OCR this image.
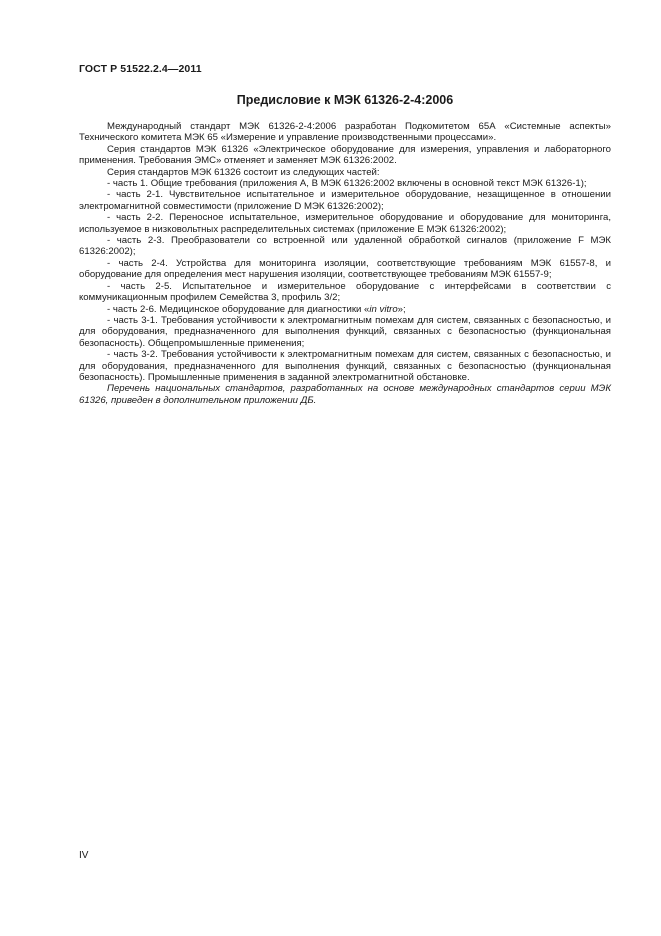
ГОСТ Р 51522.2.4—2011
Предисловие к МЭК 61326-2-4:2006

Международный стандарт МЭК 61326-2-4:2006 разработан Подкомитетом 65А «Системные аспекты» Технического комитета МЭК 65 «Измерение и управление производственными процессами».

Серия стандартов МЭК 61326 «Электрическое оборудование для измерения, управления и лабораторного применения. Требования ЭМС» отменяет и заменяет МЭК 61326:2002.

Серия стандартов МЭК 61326 состоит из следующих частей:

- часть 1. Общие требования (приложения А, В МЭК 61326:2002 включены в основной текст МЭК 61326-1);

- часть 2-1. Чувствительное испытательное и измерительное оборудование, незащищенное в отношении электромагнитной совместимости (приложение D МЭК 61326:2002);

- часть 2-2. Переносное испытательное, измерительное оборудование и оборудование для мониторинга, используемое в низковольтных распределительных системах (приложение Е МЭК 61326:2002);

- часть 2-3. Преобразователи со встроенной или удаленной обработкой сигналов (приложение F МЭК 61326:2002);

- часть 2-4. Устройства для мониторинга изоляции, соответствующие требованиям МЭК 61557-8, и оборудование для определения мест нарушения изоляции, соответствующее требованиям МЭК 61557-9;

- часть 2-5. Испытательное и измерительное оборудование с интерфейсами в соответствии с коммуникационным профилем Семейства 3, профиль 3/2;

- часть 2-6. Медицинское оборудование для диагностики «in vitro»;

- часть 3-1. Требования устойчивости к электромагнитным помехам для систем, связанных с безопасностью, и для оборудования, предназначенного для выполнения функций, связанных с безопасностью (функциональная безопасность). Общепромышленные применения;

- часть 3-2. Требования устойчивости к электромагнитным помехам для систем, связанных с безопасностью, и для оборудования, предназначенного для выполнения функций, связанных с безопасностью (функциональная безопасность). Промышленные применения в заданной электромагнитной обстановке.

Перечень национальных стандартов, разработанных на основе международных стандартов серии МЭК 61326, приведен в дополнительном приложении ДБ.

IV
